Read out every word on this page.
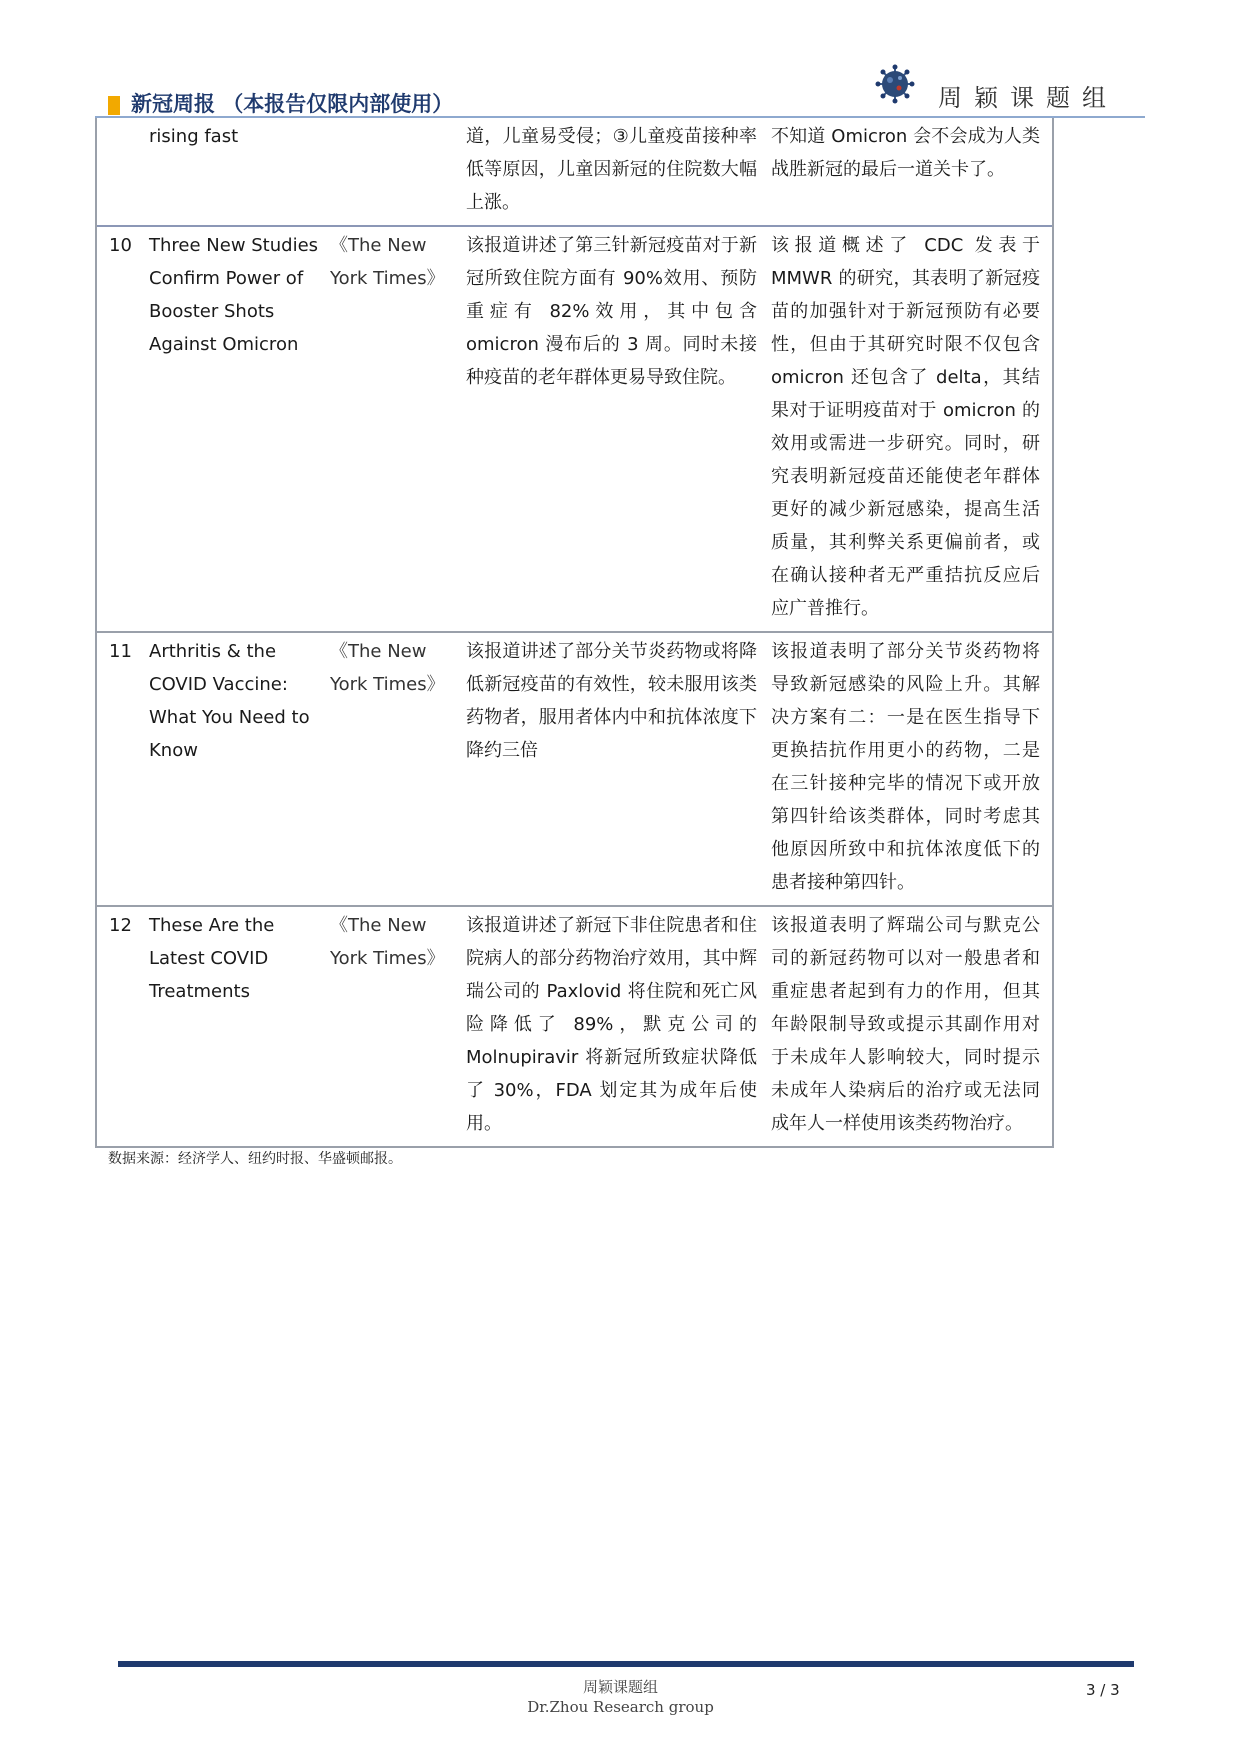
新冠周报 （本报告仅限内部使用）	周颖课题组
rising fast	道，儿童易受侵；③儿童疫苗接种率低等原因，儿童因新冠的住院数大幅上涨。
不知道 Omicron 会不会成为人类战胜新冠的最后一道关卡了。
10 Three New Studies Confirm Power of Booster Shots Against Omicron
《The New York Times》
该报道讲述了第三针新冠疫苗对于新冠所致住院方面有 90%效用、预防重症有 82%效用，其中包含 omicron 漫布后的 3 周。同时未接种疫苗的老年群体更易导致住院。
该报道概述了 CDC 发表于 MMWR 的研究，其表明了新冠疫苗的加强针对于新冠预防有必要性，但由于其研究时限不仅包含 omicron 还包含了 delta，其结果对于证明疫苗对于 omicron 的效用或需进一步研究。同时，研究表明新冠疫苗还能使老年群体更好的减少新冠感染，提高生活质量，其利弊关系更偏前者，或在确认接种者无严重拮抗反应后应广普推行。
11 Arthritis & the COVID Vaccine: What You Need to Know
《The New York Times》
该报道讲述了部分关节炎药物或将降低新冠疫苗的有效性，较未服用该类药物者，服用者体内中和抗体浓度下降约三倍
该报道表明了部分关节炎药物将导致新冠感染的风险上升。其解决方案有二：一是在医生指导下更换拮抗作用更小的药物，二是在三针接种完毕的情况下或开放第四针给该类群体，同时考虑其他原因所致中和抗体浓度低下的患者接种第四针。
12 These Are the Latest COVID Treatments
《The New York Times》
该报道讲述了新冠下非住院患者和住院病人的部分药物治疗效用，其中辉瑞公司的 Paxlovid 将住院和死亡风险降低了 89%，默克公司的 Molnupiravir 将新冠所致症状降低了 30%，FDA 划定其为成年后使用。
该报道表明了辉瑞公司与默克公司的新冠药物可以对一般患者和重症患者起到有力的作用，但其年龄限制导致或提示其副作用对于未成年人影响较大，同时提示未成年人染病后的治疗或无法同成年人一样使用该类药物治疗。
数据来源：经济学人、纽约时报、华盛顿邮报。
周颖课题组
Dr.Zhou Research group
3 / 3
